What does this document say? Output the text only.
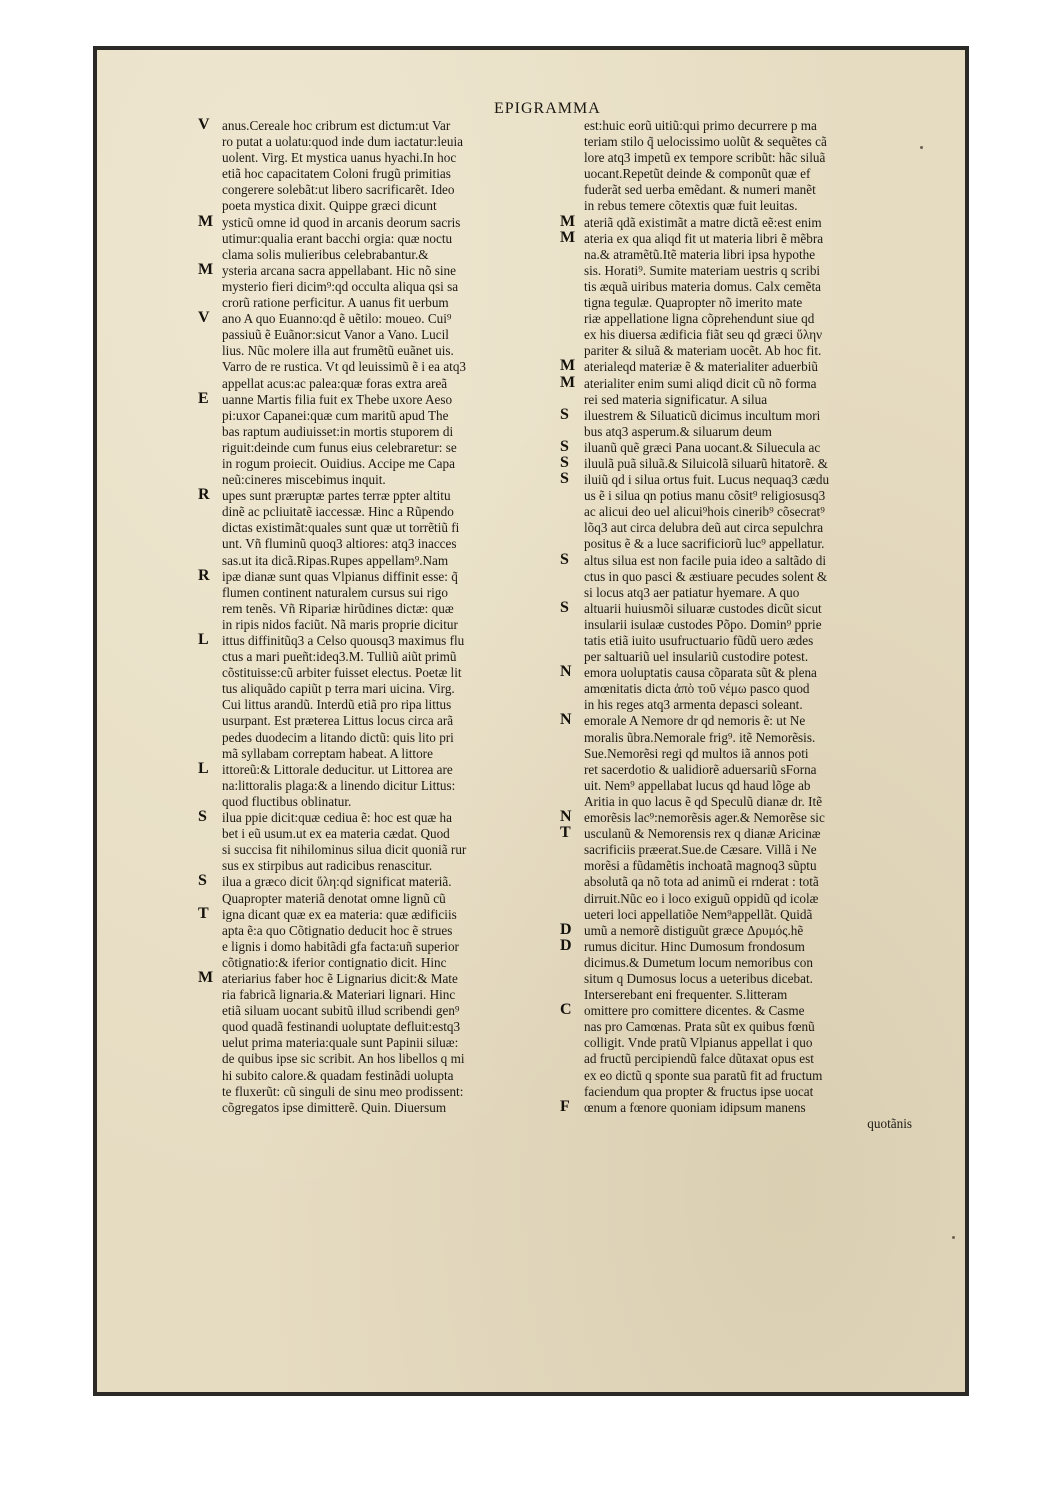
EPIGRAMMA
V anus.Cereale hoc cribrum est dictum:ut Var
ro putat a uolatu:quod inde dum iactatur:leuia
uolent. Virg. Et mystica uanus hyachi.In hoc
etiã hoc capacitatem Coloni frugũ primitias
congerere solebãt:ut libero sacrificarẽt. Ideo
poeta mystica dixit. Quippe græci dicunt
M ysticũ omne id quod in arcanis deorum sacris
utimur:qualia erant bacchi orgia: quæ noctu
clama solis mulieribus celebrabantur.&
M ysteria arcana sacra appellabant. Hic nõ sine
mysterio fieri dicim⁹:qd occulta aliqua qsi sa
crorũ ratione perficitur. A uanus fit uerbum
V ano A quo Euanno:qd ẽ uẽtilo: moueo. Cui⁹
passiuũ ẽ Euãnor:sicut Vanor a Vano. Lucil
lius. Nũc molere illa aut frumẽtũ euãnet uis.
Varro de re rustica. Vt qd leuissimũ ẽ i ea atq3
appellat acus:ac palea:quæ foras extra areã
E	uanne Martis filia fuit ex Thebe uxore Aeso
pi:uxor Capanei:quæ cum maritũ apud The
bas raptum audiuisset:in mortis stuporem di
riguit:deinde cum funus eius celebraretur: se
in rogum proiecit. Ouidius. Accipe me Capa
neũ:cineres miscebimus inquit.
R upes sunt præruptæ partes terræ ppter altitu
dinẽ ac pcliuitatẽ iaccessæ. Hinc a Rũpendo
dictas existimãt:quales sunt quæ ut torrẽtiũ fi
unt. Vñ fluminũ quoq3 altiores: atq3 inacces
sas.ut ita dicã.Ripas.Rupes appellam⁹.Nam
R ipæ dianæ sunt quas Vlpianus diffinit esse: q̃
flumen continent naturalem cursus sui rigo
rem tenẽs. Vñ Ripariæ hirũdines dictæ: quæ
in ripis nidos faciũt. Nã maris proprie dicitur
L	ittus diffinitũq3 a Celso quousq3 maximus flu
ctus a mari pueñt:ideq3.M. Tulliũ aiũt primũ
cõstituisse:cũ arbiter fuisset electus. Poetæ lit
tus aliquãdo capiũt p terra mari uicina. Virg.
Cui littus arandũ. Interdũ etiã pro ripa littus
usurpant. Est præterea Littus locus circa arã
pedes duodecim a litando dictũ: quis lito pri
mã syllabam correptam habeat. A littore
L	ittoreũ:& Littorale deducitur. ut Littorea are
na:littoralis plaga:& a linendo dicitur Littus:
quod fluctibus oblinatur.
S	ilua ppie dicit:quæ cediua ẽ: hoc est quæ ha
bet i eũ usum.ut ex ea materia cædat. Quod
si succisa fit nihilominus silua dicit quoniã rur
sus ex stirpibus aut radicibus renascitur.
S	ilua a græco dicit ὕλη:qd significat materiã.
Quapropter materiã denotat omne lignũ cũ
T	igna dicant quæ ex ea materia: quæ ædificiis
apta ẽ:a quo Cõtignatio deducit hoc ẽ strues
e lignis i domo habitãdi gfa facta:uñ superior
cõtignatio:& iferior contignatio dicit. Hinc
M ateriarius faber hoc ẽ Lignarius dicit:& Mate
ria fabricã lignaria.& Materiari lignari. Hinc
etiã siluam uocant subitũ illud scribendi gen⁹
quod quadã festinandi uoluptate defluit:estq3
uelut prima materia:quale sunt Papinii siluæ:
de quibus ipse sic scribit. An hos libellos q mi
hi subito calore.& quadam festinãdi uolupta
te fluxerũt: cũ singuli de sinu meo prodissent:
cõgregatos ipse dimitterẽ. Quin. Diuersum
est:huic eorũ uitiũ:qui primo decurrere p ma
teriam stilo q̃ uelocissimo uolũt & sequẽtes cã
lore atq3 impetũ ex tempore scribũt: hãc siluã
uocant.Repetũt deinde & componũt quæ ef
fuderãt sed uerba emẽdant. & numeri manẽt
in rebus temere cõtextis quæ fuit leuitas.
M ateriã qdã existimãt a matre dictã eẽ:est enim
M ateria ex qua aliqd fit ut materia libri ẽ mẽbra
na.& atramẽtũ.Itẽ materia libri ipsa hypothe
sis. Horati⁹. Sumite materiam uestris q scribi
tis æquã uiribus materia domus. Calx cemẽta
tigna tegulæ. Quapropter nõ imerito mate
riæ appellatione ligna cõprehendunt siue qd
ex his diuersa ædificia fiãt seu qd græci ὕλην
pariter & siluã & materiam uocẽt. Ab hoc fit.
M aterialeqd materiæ ẽ & materialiter aduerbiũ
M aterialiter enim sumi aliqd dicit cũ nõ forma
rei sed materia significatur. A silua
S	iluestrem & Siluaticũ dicimus incultum mori
bus atq3 asperum.& siluarum deum
S	iluanũ quẽ græci Pana uocant.& Siluecula ac
S	iluulã puã siluã.& Siluicolã siluarũ hitatorẽ. &
S	iluiũ qd i silua ortus fuit. Lucus nequaq3 cædu
us ẽ i silua qn potius manu cõsit⁹ religiosusq3
ac alicui deo uel alicui⁹hois cinerib⁹ cõsecrat⁹
lõq3 aut circa delubra deũ aut circa sepulchra
positus ẽ & a luce sacrificiorũ luc⁹ appellatur.
S	altus silua est non facile puia ideo a saltãdo di
ctus in quo pasci & æstiuare pecudes solent &
si locus atq3 aer patiatur hyemare. A quo
S	altuarii huiusmõi siluaræ custodes dicũt sicut
insularii isulaæ custodes Põpo. Domin⁹ pprie
tatis etiã iuito usufructuario fũdũ uero ædes
per saltuariũ uel insulariũ custodire potest.
N emora uoluptatis causa cõparata sũt & plena
amœnitatis dicta ἀπὸ τοῦ νέμω pasco quod
in his reges atq3 armenta depasci soleant.
N emorale A Nemore dr qd nemoris ẽ: ut Ne
moralis ũbra.Nemorale frig⁹. itẽ Nemorẽsis.
Sue.Nemorẽsi regi qd multos iã annos poti
ret sacerdotio & ualidiorẽ aduersariũ sForna
uit. Nem⁹ appellabat lucus qd haud lõge ab
Aritia in quo lacus ẽ qd Speculũ dianæ dr. Itẽ
N emorẽsis lac⁹:nemorẽsis ager.& Nemorẽse sic
T	usculanũ & Nemorensis rex q dianæ Aricinæ
sacrificiis præerat.Sue.de Cæsare. Villã i Ne
morẽsi a fũdamẽtis inchoatã magnoq3 sũptu
absolutã qa nõ tota ad animũ ei rnderat : totã
dirruit.Nũc eo i loco exiguũ oppidũ qd icolæ
ueteri loci appellatiõe Nem⁹appellãt. Quidã
D umũ a nemorẽ distiguũt græce Δρυμός.hẽ
D rumus dicitur. Hinc Dumosum frondosum
dicimus.& Dumetum locum nemoribus con
situm q Dumosus locus a ueteribus dicebat.
Interserebant eni frequenter. S.litteram
C omittere pro comittere dicentes. & Casme
nas pro Camœnas. Prata sũt ex quibus fœnũ
colligit. Vnde pratũ Vlpianus appellat i quo
ad fructũ percipiendũ falce dũtaxat opus est
ex eo dictũ q sponte sua paratũ fit ad fructum
faciendum qua propter & fructus ipse uocat
F	œnum a fœnore quoniam idipsum manens
quotãnis
